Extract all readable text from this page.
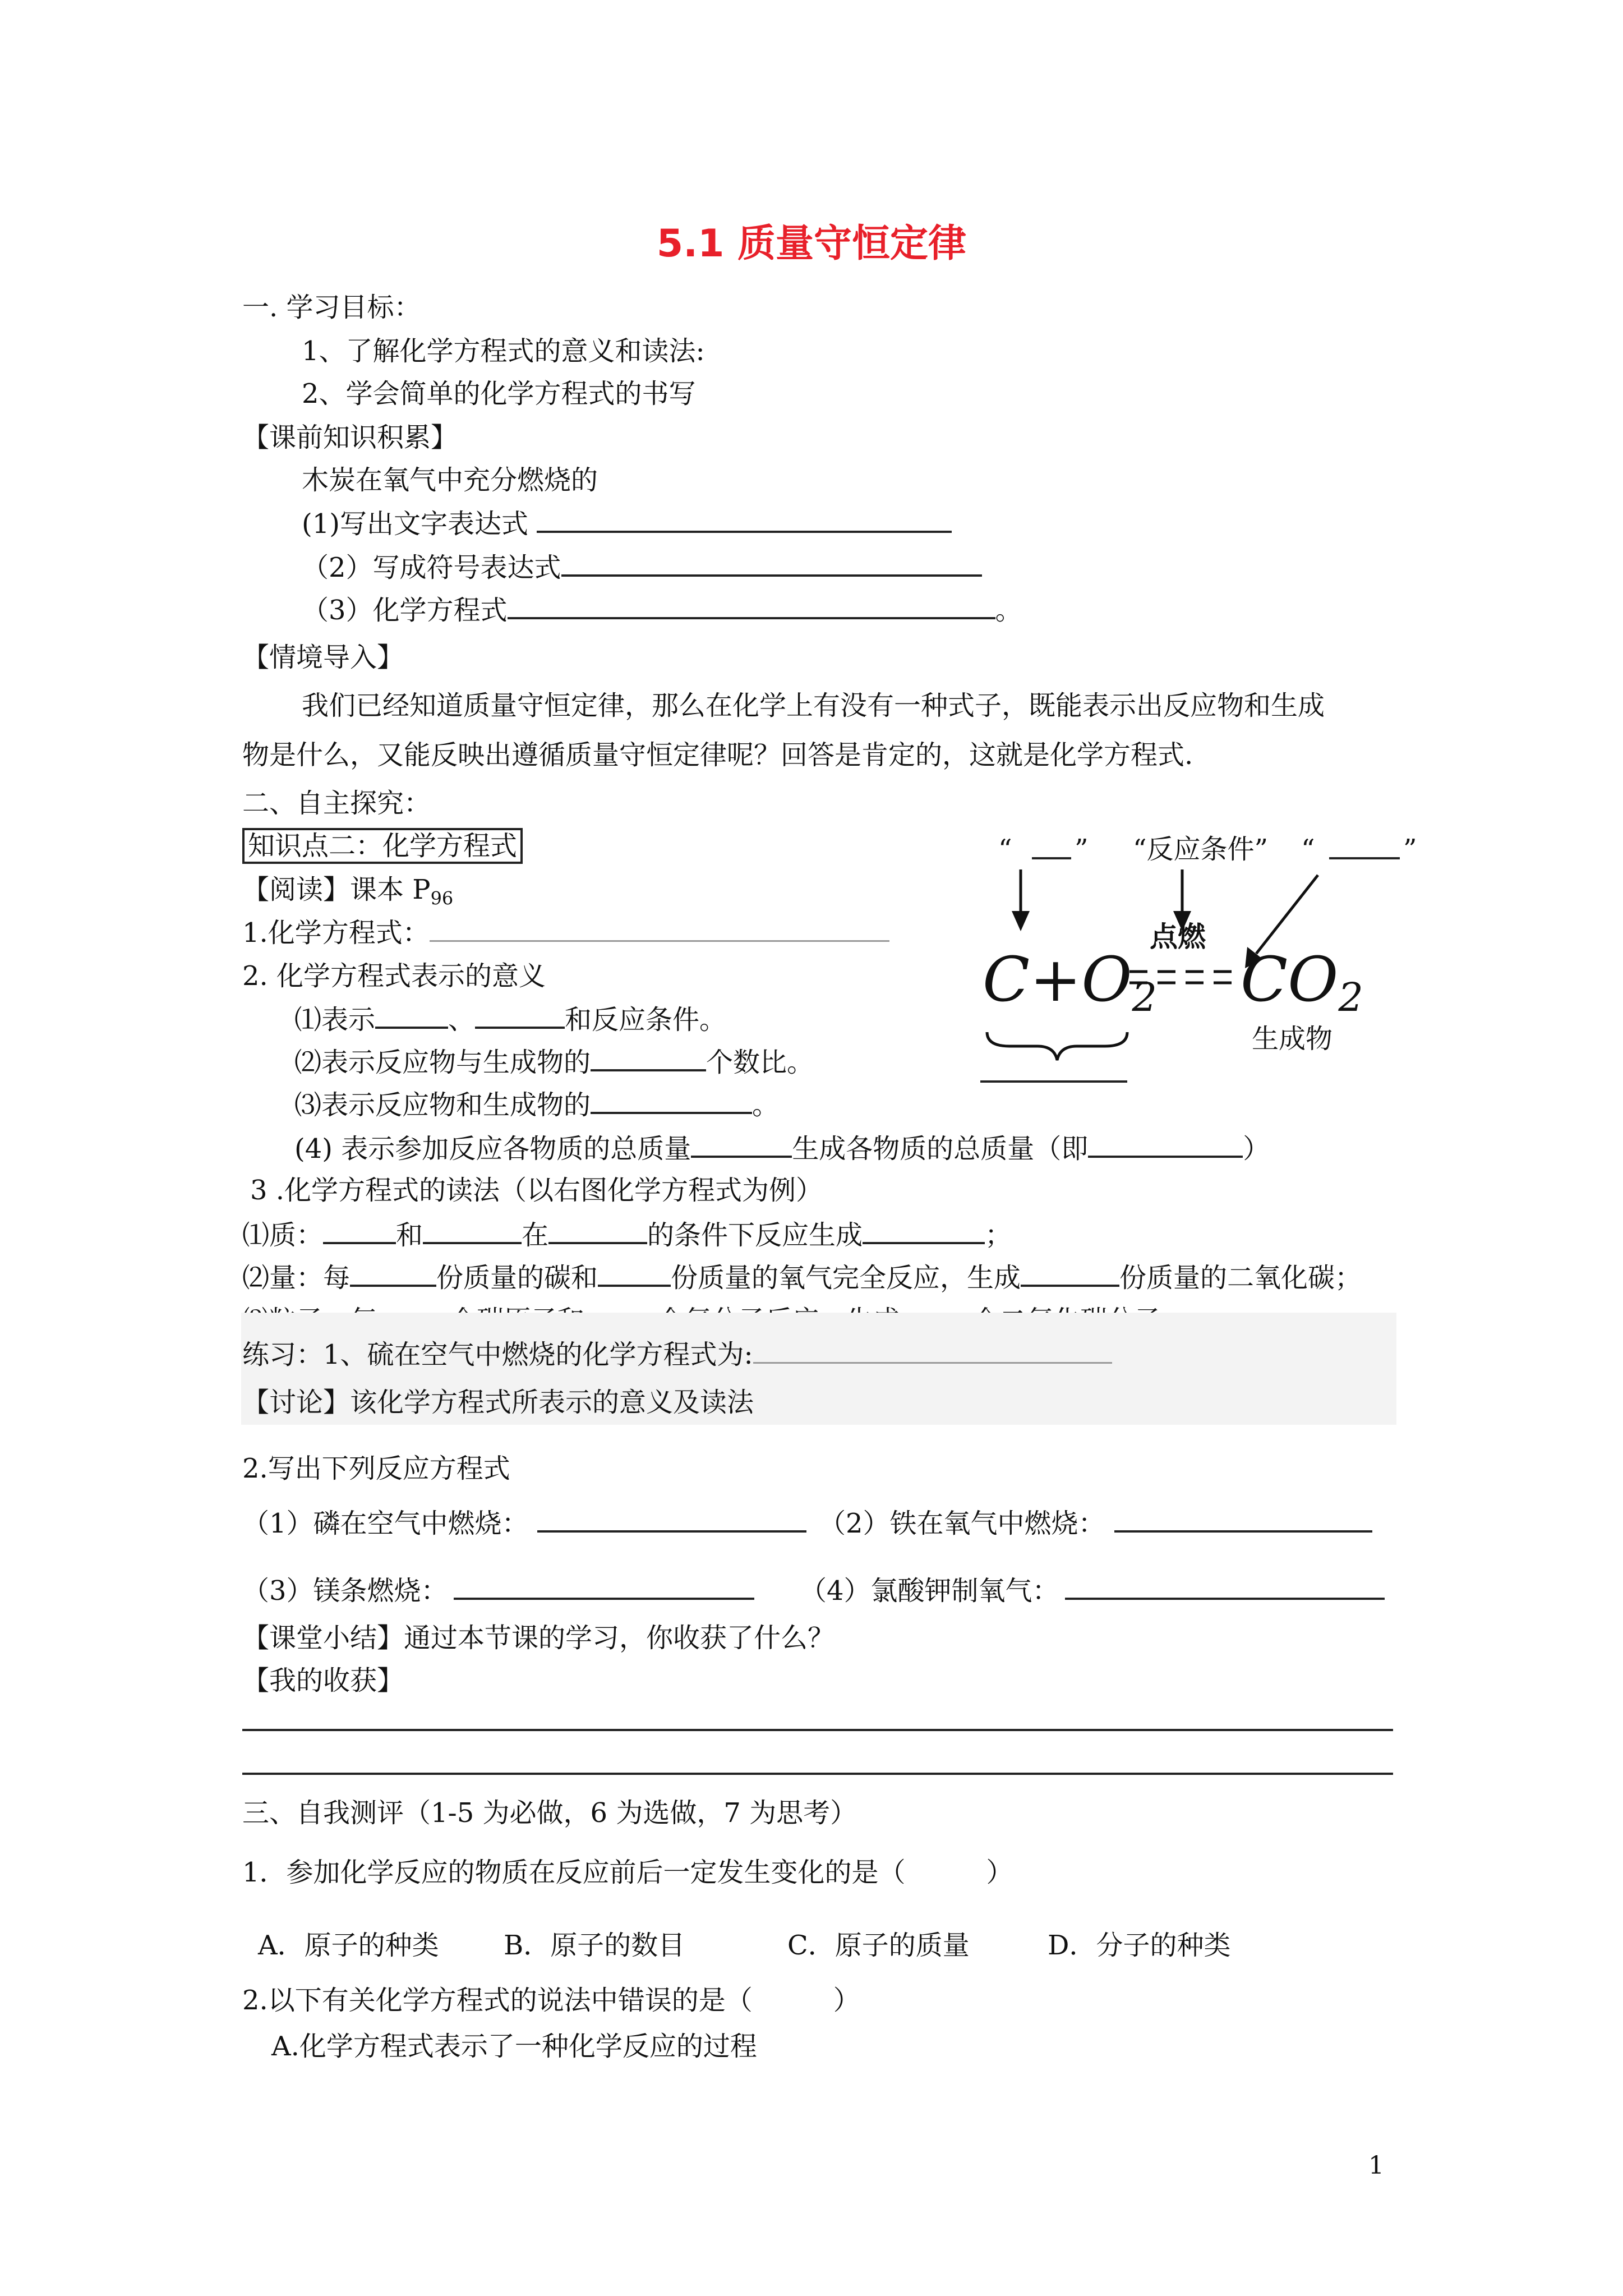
5.1 质量守恒定律
一. 学习目标：
1、了解化学方程式的意义和读法:
2、学会简单的化学方程式的书写
【课前知识积累】
木炭在氧气中充分燃烧的
(1)写出文字表达式
（2）写成符号表达式
（3）化学方程式	。
【情境导入】
我们已经知道质量守恒定律，那么在化学上有没有一种式子，既能表示出反应物和生成
物是什么，又能反映出遵循质量守恒定律呢？回答是肯定的，这就是化学方程式.
二、自主探究：
知识点二：化学方程式
【阅读】课本 $P_{96}$
1.化学方程式：
2. 化学方程式表示的意义
⑴表示	、	和反应条件。
⑵表示反应物与生成物的	个数比。
⑶表示反应物和生成物的	。
(4) 表示参加反应各物质的总质量	生成各物质的总质量（即	）
3 .化学方程式的读法（以右图化学方程式为例）
⑴质：	和	在	的条件下反应生成	；
⑵量：每	份质量的碳和	份质量的氧气完全反应，生成	份质量的二氧化碳；
“ ” “反应条件” “	”
点燃
$C+O_2$ $CO_2$
生成物
练习：1、硫在空气中燃烧的化学方程式为:
【讨论】该化学方程式所表示的意义及读法
2.写出下列反应方程式
（1）磷在空气中燃烧：	（2）铁在氧气中燃烧：
（3）镁条燃烧：	（4）氯酸钾制氧气：
【课堂小结】通过本节课的学习，你收获了什么？
【我的收获】
三、自我测评（1-5 为必做，6 为选做，7 为思考）
1．参加化学反应的物质在反应前后一定发生变化的是（　　　）
A．原子的种类 B．原子的数目	C．原子的质量	D．分子的种类
2.以下有关化学方程式的说法中错误的是（　　　）
A.化学方程式表示了一种化学反应的过程
1
